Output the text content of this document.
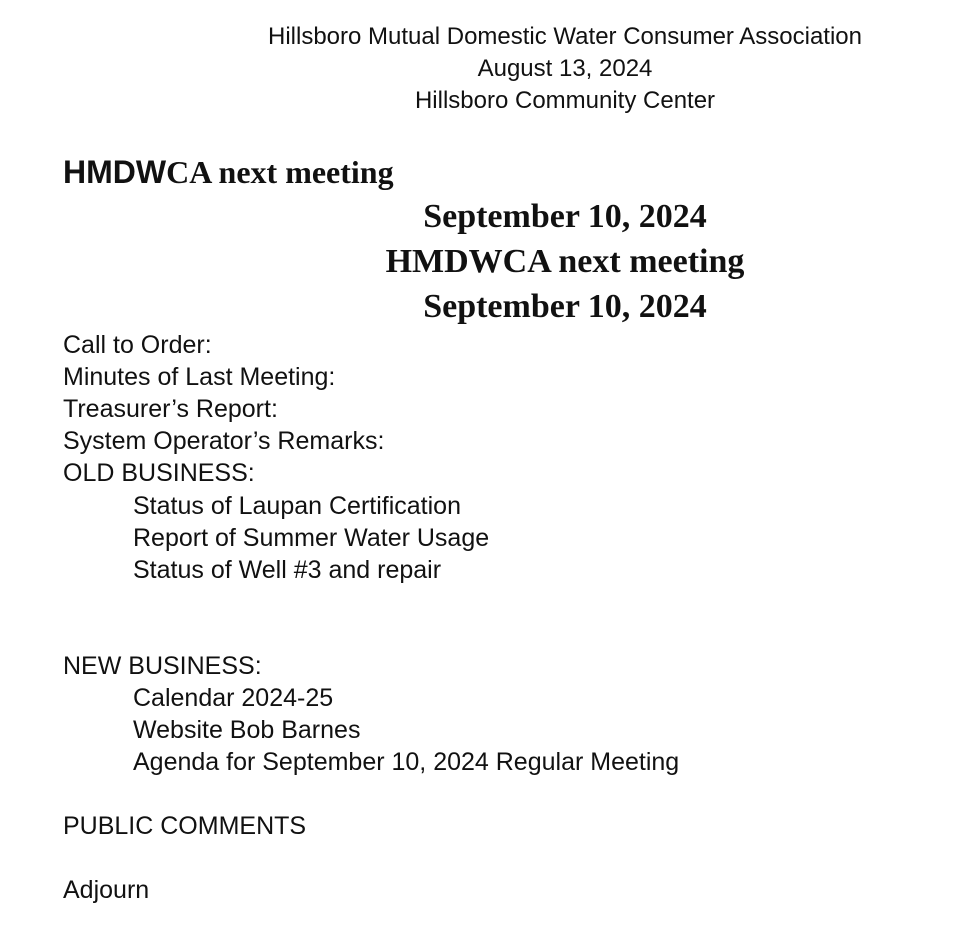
Hillsboro Mutual Domestic Water Consumer Association
August 13, 2024
Hillsboro Community Center
HMDWCA next meeting
September 10, 2024
HMDWCA next meeting
September 10, 2024
Call to Order:
Minutes of Last Meeting:
Treasurer’s Report:
System Operator’s Remarks:
OLD BUSINESS:
Status of Laupan Certification
Report of Summer Water Usage
Status of Well #3 and repair
NEW BUSINESS:
Calendar 2024-25
Website Bob Barnes
Agenda for September 10, 2024 Regular Meeting
PUBLIC COMMENTS
Adjourn
